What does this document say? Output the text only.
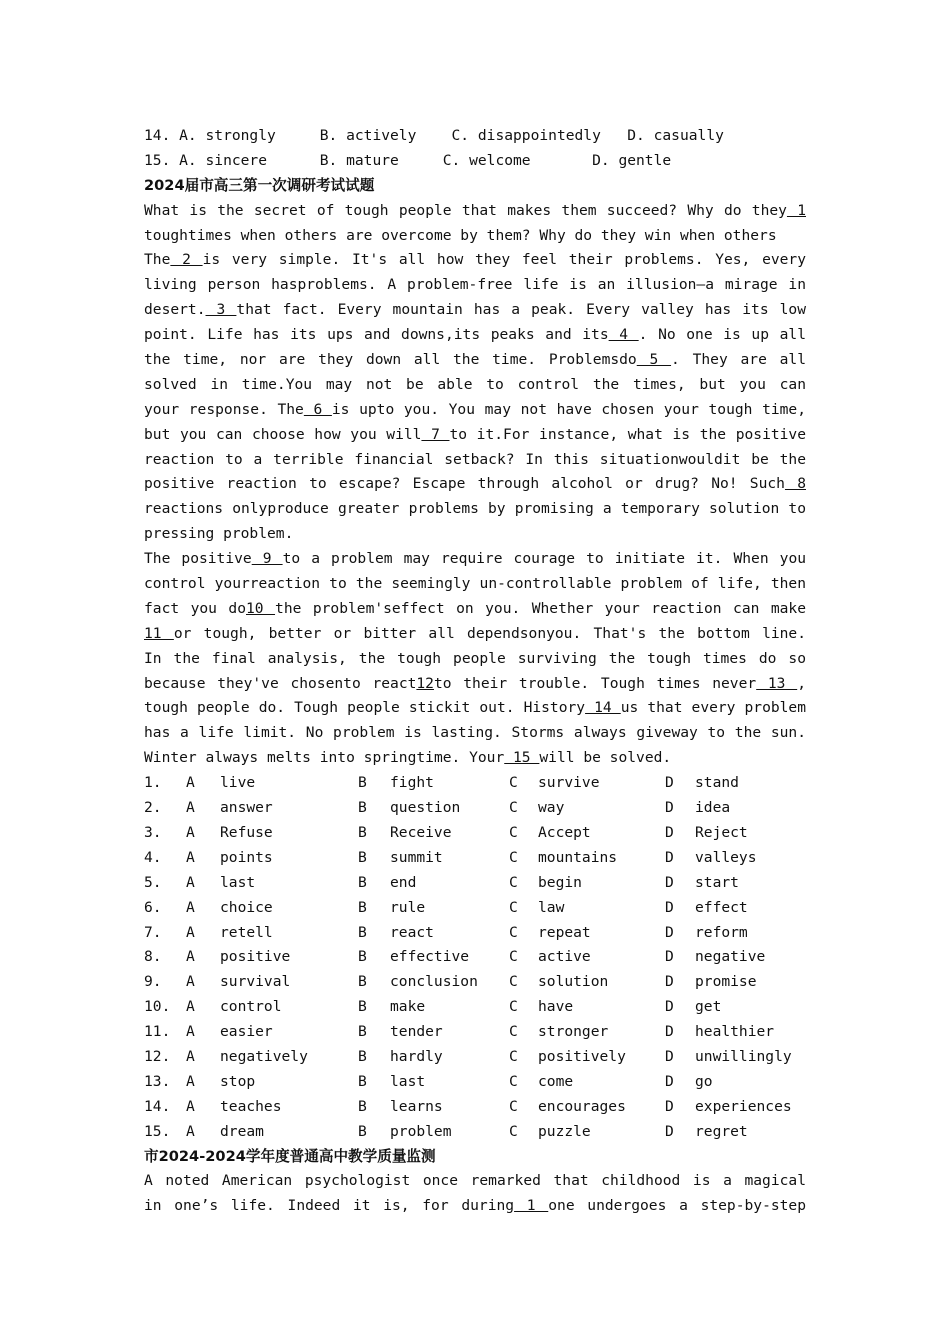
14. A. strongly     B. actively    C. disappointedly   D. casually
15. A. sincere      B. mature     C. welcome       D. gentle
2024届市高三第一次调研考试试题
What is the secret of tough people that makes them succeed? Why do they 1
toughtimes when others are overcome by them? Why do they win when others
The 2 is very simple. It's all how they feel their problems. Yes, every
living person hasproblems. A problem-free life is an illusion—a mirage in
desert. 3 that fact. Every mountain has a peak. Every valley has its low
point. Life has its ups and downs,its peaks and its 4 . No one is up all
the time, nor are they down all the time. Problemsdo 5 . They are all
solved in time.You may not be able to control the times, but you can
your response. The 6 is upto you. You may not have chosen your tough time,
but you can choose how you will 7 to it.For instance, what is the positive
reaction to a terrible financial setback? In this situationwouldit be the
positive reaction to escape? Escape through alcohol or drug? No! Such 8
reactions onlyproduce greater problems by promising a temporary solution to
pressing problem.
The positive 9 to a problem may require courage to initiate it. When you
control yourreaction to the seemingly un-controllable problem of life, then
fact you do10 the problem'seffect on you. Whether your reaction can make
11 or tough, better or bitter all dependsonyou. That's the bottom line.
In the final analysis, the tough people surviving the tough times do so
because they've chosento react12to their trouble. Tough times never 13 ,
tough people do. Tough people stickit out. History 14 us that every problem
has a life limit. No problem is lasting. Storms always giveway to the sun.
Winter always melts into springtime. Your 15 will be solved.
1. A live	B fight	C survive	D stand
2. A answer	B question	C way	D idea
3. A Refuse	B Receive	C Accept	D Reject
4. A points	B summit	C mountains	D valleys
5. A last	B end	C begin	D start
6. A choice	B rule	C law	D effect
7. A retell	B react	C repeat	D reform
8. A positive	B effective	C active	D negative
9. A survival	B conclusion C solution	D promise
10. A control	B make	C have	D get
11. A easier	B tender	C stronger	D healthier
12. A negatively	B hardly	C positively	D unwillingly
13. A stop	B last	C come	D go
14. A teaches	B learns	C encourages	D experiences
15. A dream	B problem	C puzzle	D regret
市2024-2024学年度普通高中教学质量监测
A noted American psychologist once remarked that childhood is a magical
in one’s life. Indeed it is, for during 1 one undergoes a step-by-step
